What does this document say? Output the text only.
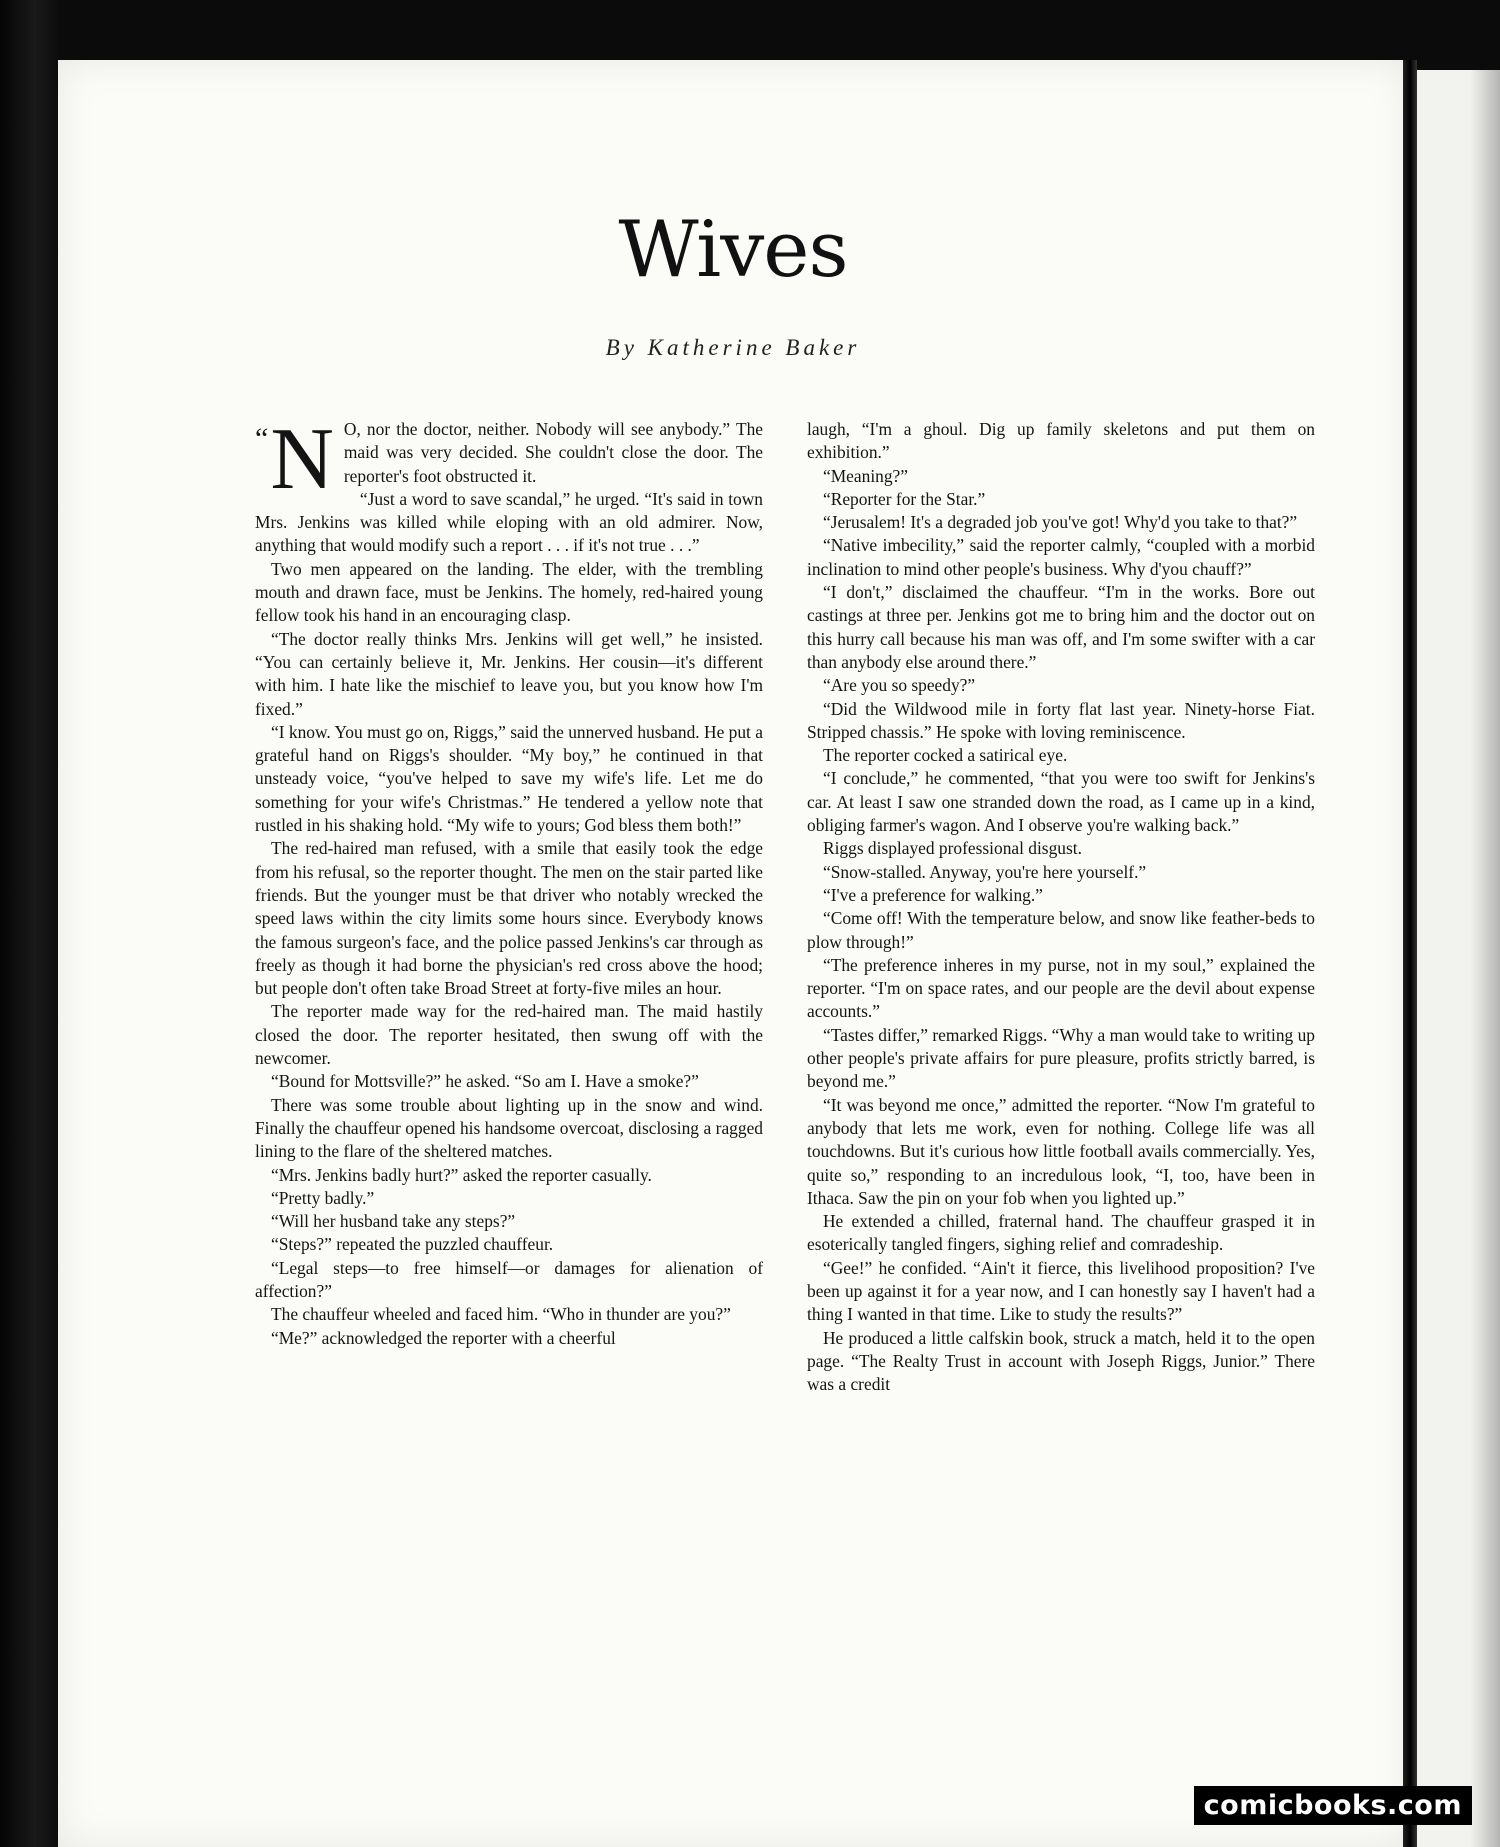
Wives
By Katherine Baker

“N O, nor the doctor, neither. Nobody will see anybody.” The maid was very decided. She couldn't close the door. The reporter's foot obstructed it.

“Just a word to save scandal,” he urged. “It's said in town Mrs. Jenkins was killed while eloping with an old admirer. Now, anything that would modify such a report . . . if it's not true . . .”

Two men appeared on the landing. The elder, with the trembling mouth and drawn face, must be Jenkins. The homely, red-haired young fellow took his hand in an encouraging clasp.

“The doctor really thinks Mrs. Jenkins will get well,” he insisted. “You can certainly believe it, Mr. Jenkins. Her cousin—it's different with him. I hate like the mischief to leave you, but you know how I'm fixed.”

“I know. You must go on, Riggs,” said the unnerved husband. He put a grateful hand on Riggs's shoulder. “My boy,” he continued in that unsteady voice, “you've helped to save my wife's life. Let me do something for your wife's Christmas.” He tendered a yellow note that rustled in his shaking hold. “My wife to yours; God bless them both!”

The red-haired man refused, with a smile that easily took the edge from his refusal, so the reporter thought. The men on the stair parted like friends. But the younger must be that driver who notably wrecked the speed laws within the city limits some hours since. Everybody knows the famous surgeon's face, and the police passed Jenkins's car through as freely as though it had borne the physician's red cross above the hood; but people don't often take Broad Street at forty-five miles an hour.

The reporter made way for the red-haired man. The maid hastily closed the door. The reporter hesitated, then swung off with the newcomer.

“Bound for Mottsville?” he asked. “So am I. Have a smoke?”

There was some trouble about lighting up in the snow and wind. Finally the chauffeur opened his handsome overcoat, disclosing a ragged lining to the flare of the sheltered matches.

“Mrs. Jenkins badly hurt?” asked the reporter casually.

“Pretty badly.”

“Will her husband take any steps?”

“Steps?” repeated the puzzled chauffeur.

“Legal steps—to free himself—or damages for alienation of affection?”

The chauffeur wheeled and faced him. “Who in thunder are you?”

“Me?” acknowledged the reporter with a cheerful

laugh, “I'm a ghoul. Dig up family skeletons and put them on exhibition.”

“Meaning?”

“Reporter for the Star.”

“Jerusalem! It's a degraded job you've got! Why'd you take to that?”

“Native imbecility,” said the reporter calmly, “coupled with a morbid inclination to mind other people's business. Why d'you chauff?”

“I don't,” disclaimed the chauffeur. “I'm in the works. Bore out castings at three per. Jenkins got me to bring him and the doctor out on this hurry call because his man was off, and I'm some swifter with a car than anybody else around there.”

“Are you so speedy?”

“Did the Wildwood mile in forty flat last year. Ninety-horse Fiat. Stripped chassis.” He spoke with loving reminiscence.

The reporter cocked a satirical eye.

“I conclude,” he commented, “that you were too swift for Jenkins's car. At least I saw one stranded down the road, as I came up in a kind, obliging farmer's wagon. And I observe you're walking back.”

Riggs displayed professional disgust.

“Snow-stalled. Anyway, you're here yourself.”

“I've a preference for walking.”

“Come off! With the temperature below, and snow like feather-beds to plow through!”

“The preference inheres in my purse, not in my soul,” explained the reporter. “I'm on space rates, and our people are the devil about expense accounts.”

“Tastes differ,” remarked Riggs. “Why a man would take to writing up other people's private affairs for pure pleasure, profits strictly barred, is beyond me.”

“It was beyond me once,” admitted the reporter. “Now I'm grateful to anybody that lets me work, even for nothing. College life was all touchdowns. But it's curious how little football avails commercially. Yes, quite so,” responding to an incredulous look, “I, too, have been in Ithaca. Saw the pin on your fob when you lighted up.”

He extended a chilled, fraternal hand. The chauffeur grasped it in esoterically tangled fingers, sighing relief and comradeship.

“Gee!” he confided. “Ain't it fierce, this livelihood proposition? I've been up against it for a year now, and I can honestly say I haven't had a thing I wanted in that time. Like to study the results?”

He produced a little calfskin book, struck a match, held it to the open page. “The Realty Trust in account with Joseph Riggs, Junior.” There was a credit

comicbooks.com
